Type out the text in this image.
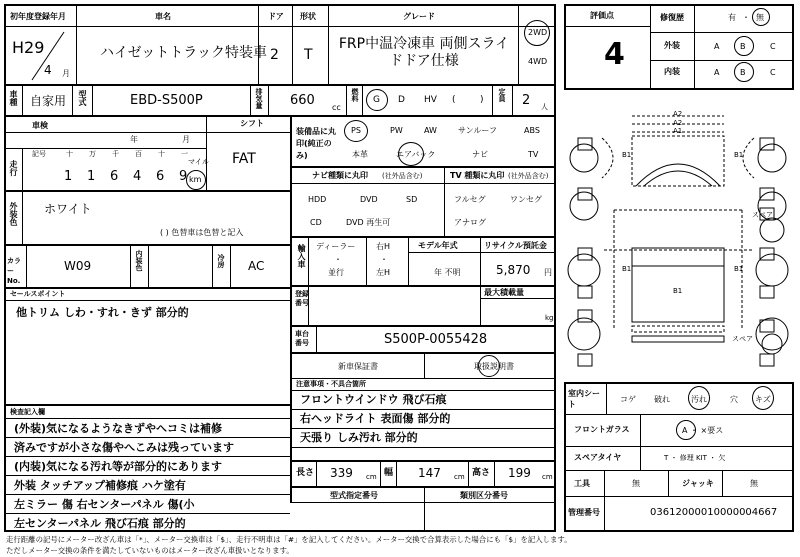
初年度登録年月	車名	ドア 形状	グレード
H29
4 月
ハイゼットトラック特装車 2 T
FRP中温冷凍車 両側スライドドア仕様
2WD
4WD
車種 自家用 型式	EBD-S500P	排気量 660 cc
燃料 G D HV (	) 定員 2 人
車検
年	月
シフト
FAT
走行
記号	十 万 千 百 十 一
1 1 6 4 6 9
マイル
km
外装色 ホワイト
( ) 色替車は色替と記入
カラーNo.
W09	内装色	冷房 AC
セールスポイント
他トリム しわ・すれ・きず 部分的
検査記入欄
(外装)気になるようなきずやヘコミは補修
済みですが小さな傷やへこみは残っています
(内装)気になる汚れ等が部分的にあります
外装 タッチアップ補修痕 ハケ塗有
左ミラー 傷 右センターパネル 傷(小
左センターパネル 飛び石痕 部分的
装備品に丸印(純正のみ)
PS	PW	AW	サンルーフ	ABS
本革	エアバック	ナビ	TV
ナビ種類に丸印 (社外品含む)	TV 種類に丸印 (社外品含む)
HDD	DVD	SD
CD	DVD 再生可
フルセグ	ワンセグ
アナログ
輸入車 ディーラー
・
並行
右H
・
左H
モデル年式
年 不明
リサイクル預託金
5,870 円
登録番号
最大積載量
kg
車台番号	S500P-0055428
新車保証書	取扱説明書
注意事項・不具合箇所
フロントウインドウ 飛び石痕
右ヘッドライト 表面傷 部分的
天張り しみ汚れ 部分的
長さ 339 cm 幅 147 cm 高さ 199 cm
型式指定番号	類別区分番号
評価点
4
修復歴	有 ・ 無
外装	A	B	C
内装	A	B	C
A2
A2
A1
B1	B1
B1
B1	B1
スペア
スペア
室内シート
コゲ 破れ	汚れ	穴 キズ
フロントガラス	A ・ ×要ス
スペアタイヤ	T ・ 修理 KIT ・ 欠
工具	無	ジャッキ	無
管理番号	03612000010000004667
走行距離の記号にメーター改ざん車は「*」、メーター交換車は「$」、走行不明車は「#」を記入してください。メーター交換で合算表示した場合にも「$」を記入します。
ただしメーター交換の条件を満たしていないものはメーター改ざん車扱いとなります。
